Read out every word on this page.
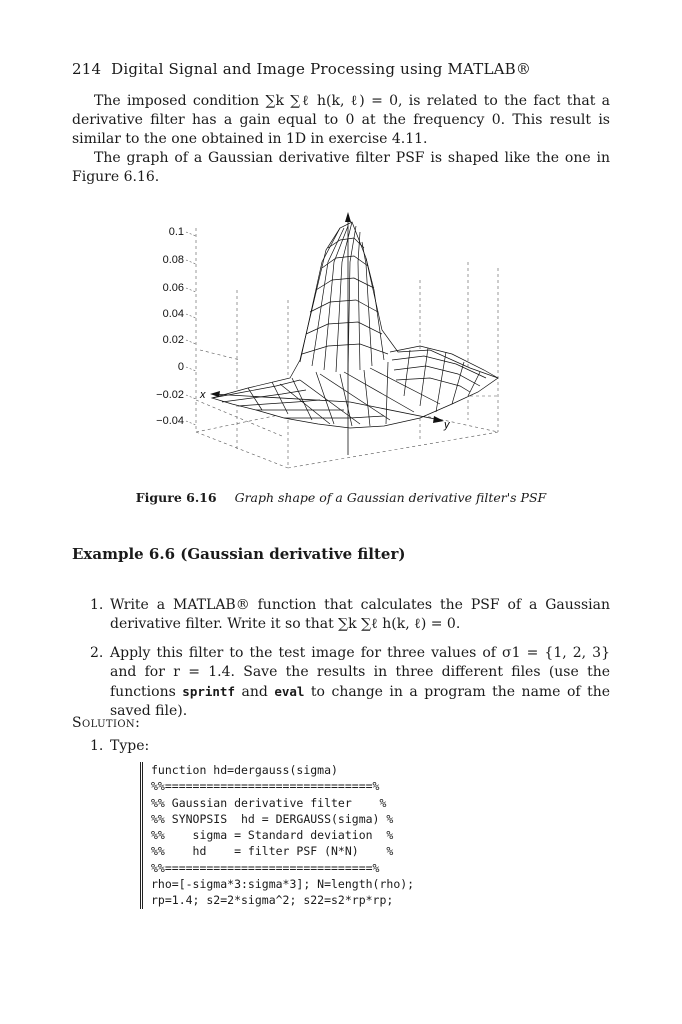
214 Digital Signal and Image Processing using MATLAB®

The imposed condition ∑k ∑ℓ h(k, ℓ) = 0, is related to the fact that a derivative filter has a gain equal to 0 at the frequency 0. This result is similar to the one obtained in 1D in exercise 4.11.

The graph of a Gaussian derivative filter PSF is shaped like the one in Figure 6.16.

0.1
0.08
0.06
0.04
0.02
0
−0.02
−0.04
x
y
Figure 6.16 Graph shape of a Gaussian derivative filter's PSF
Example 6.6 (Gaussian derivative filter)
1. Write a MATLAB® function that calculates the PSF of a Gaussian derivative filter. Write it so that ∑k ∑ℓ h(k, ℓ) = 0.
2. Apply this filter to the test image for three values of σ1 = {1, 2, 3} and for r = 1.4. Save the results in three different files (use the functions sprintf and eval to change in a program the name of the saved file).
Solution:
1. Type:
function hd=dergauss(sigma)
%%==============================%
%% Gaussian derivative filter    %
%% SYNOPSIS  hd = DERGAUSS(sigma) %
%%    sigma = Standard deviation  %
%%    hd    = filter PSF (N*N)    %
%%==============================%
rho=[-sigma*3:sigma*3]; N=length(rho);
rp=1.4; s2=2*sigma^2; s22=s2*rp*rp;
